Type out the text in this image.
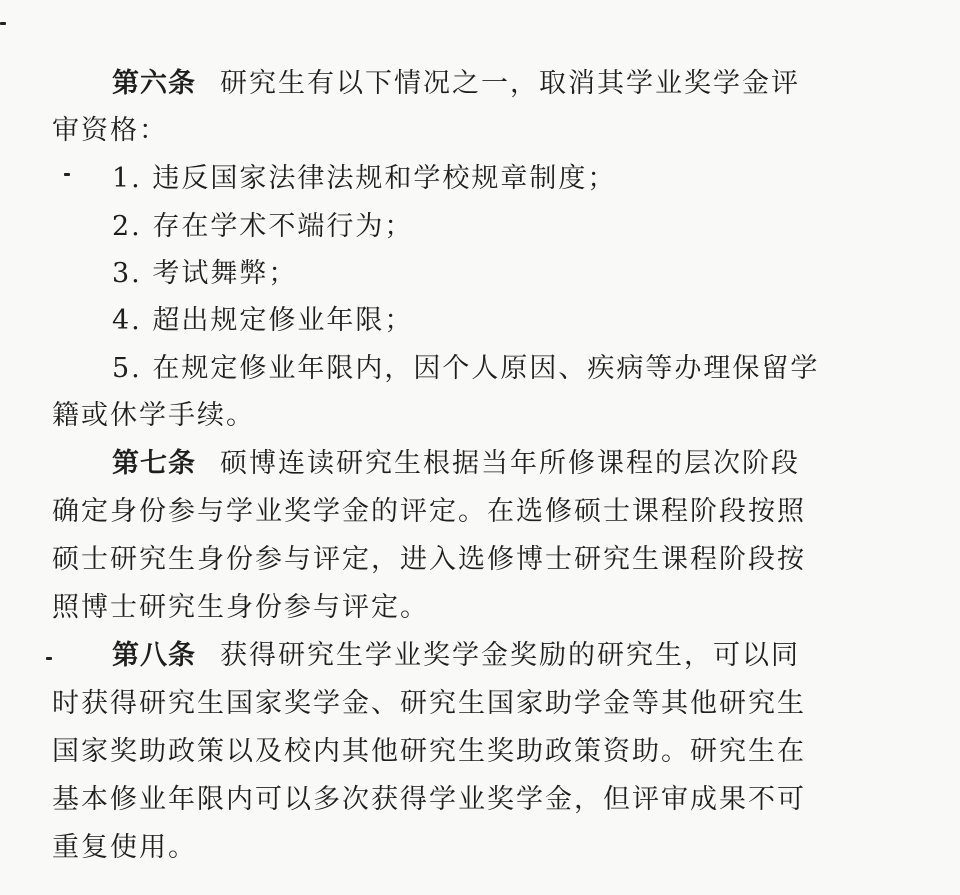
第六条 研究生有以下情况之一，取消其学业奖学金评
审资格：
1. 违反国家法律法规和学校规章制度；
2. 存在学术不端行为；
3. 考试舞弊；
4. 超出规定修业年限；
5. 在规定修业年限内，因个人原因、疾病等办理保留学
籍或休学手续。
第七条 硕博连读研究生根据当年所修课程的层次阶段
确定身份参与学业奖学金的评定。在选修硕士课程阶段按照
硕士研究生身份参与评定，进入选修博士研究生课程阶段按
照博士研究生身份参与评定。
第八条 获得研究生学业奖学金奖励的研究生，可以同
时获得研究生国家奖学金、研究生国家助学金等其他研究生
国家奖助政策以及校内其他研究生奖助政策资助。研究生在
基本修业年限内可以多次获得学业奖学金，但评审成果不可
重复使用。
